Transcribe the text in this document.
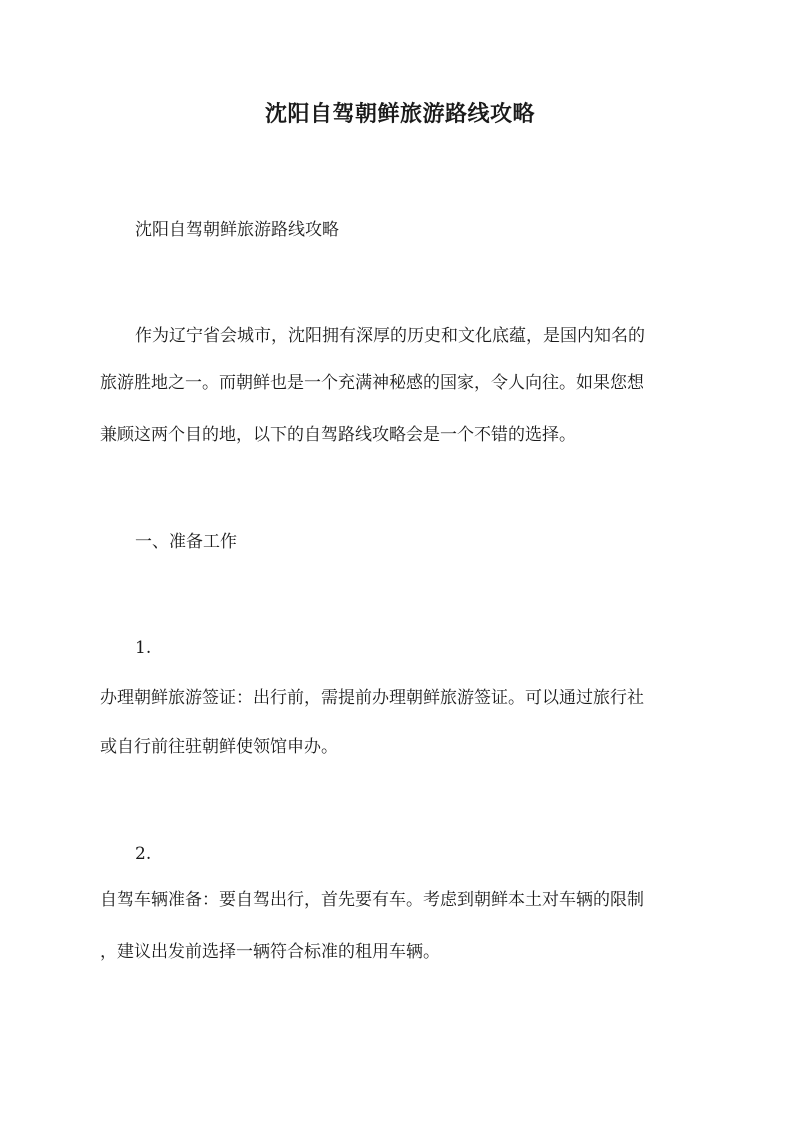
沈阳自驾朝鲜旅游路线攻略
沈阳自驾朝鲜旅游路线攻略
作为辽宁省会城市，沈阳拥有深厚的历史和文化底蕴，是国内知名的
旅游胜地之一。而朝鲜也是一个充满神秘感的国家，令人向往。如果您想
兼顾这两个目的地，以下的自驾路线攻略会是一个不错的选择。
一、准备工作
1.
办理朝鲜旅游签证：出行前，需提前办理朝鲜旅游签证。可以通过旅行社
或自行前往驻朝鲜使领馆申办。
2.
自驾车辆准备：要自驾出行，首先要有车。考虑到朝鲜本土对车辆的限制
，建议出发前选择一辆符合标准的租用车辆。
